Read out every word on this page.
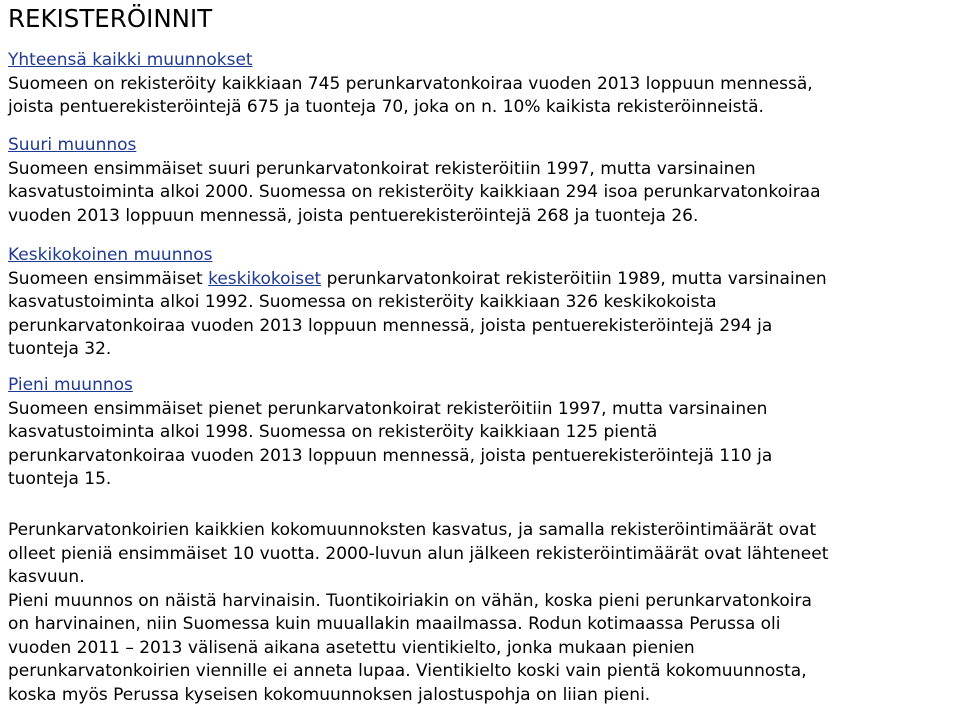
REKISTERÖINNIT
Yhteensä kaikki muunnokset
Suomeen on rekisteröity kaikkiaan 745 perunkarvatonkoiraa vuoden 2013 loppuun mennessä,
joista pentuerekisteröintejä 675 ja tuonteja 70, joka on n. 10% kaikista rekisteröinneistä.
Suuri muunnos
Suomeen ensimmäiset suuri perunkarvatonkoirat rekisteröitiin 1997, mutta varsinainen
kasvatustoiminta alkoi 2000. Suomessa on rekisteröity kaikkiaan 294 isoa perunkarvatonkoiraa
vuoden 2013 loppuun mennessä, joista pentuerekisteröintejä 268 ja tuonteja 26.
Keskikokoinen muunnos
Suomeen ensimmäiset keskikokoiset perunkarvatonkoirat rekisteröitiin 1989, mutta varsinainen
kasvatustoiminta alkoi 1992. Suomessa on rekisteröity kaikkiaan 326 keskikokoista
perunkarvatonkoiraa vuoden 2013 loppuun mennessä, joista pentuerekisteröintejä 294 ja
tuonteja 32.
Pieni muunnos
Suomeen ensimmäiset pienet perunkarvatonkoirat rekisteröitiin 1997, mutta varsinainen
kasvatustoiminta alkoi 1998. Suomessa on rekisteröity kaikkiaan 125 pientä
perunkarvatonkoiraa vuoden 2013 loppuun mennessä, joista pentuerekisteröintejä 110 ja
tuonteja 15.
Perunkarvatonkoirien kaikkien kokomuunnoksten kasvatus, ja samalla rekisteröintimäärät ovat
olleet pieniä ensimmäiset 10 vuotta. 2000-luvun alun jälkeen rekisteröintimäärät ovat lähteneet
kasvuun.
Pieni muunnos on näistä harvinaisin. Tuontikoiriakin on vähän, koska pieni perunkarvatonkoira
on harvinainen, niin Suomessa kuin muuallakin maailmassa. Rodun kotimaassa Perussa oli
vuoden 2011 – 2013 välisenä aikana asetettu vientikielto, jonka mukaan pienien
perunkarvatonkoirien viennille ei anneta lupaa. Vientikielto koski vain pientä kokomuunnosta,
koska myös Perussa kyseisen kokomuunnoksen jalostuspohja on liian pieni.
